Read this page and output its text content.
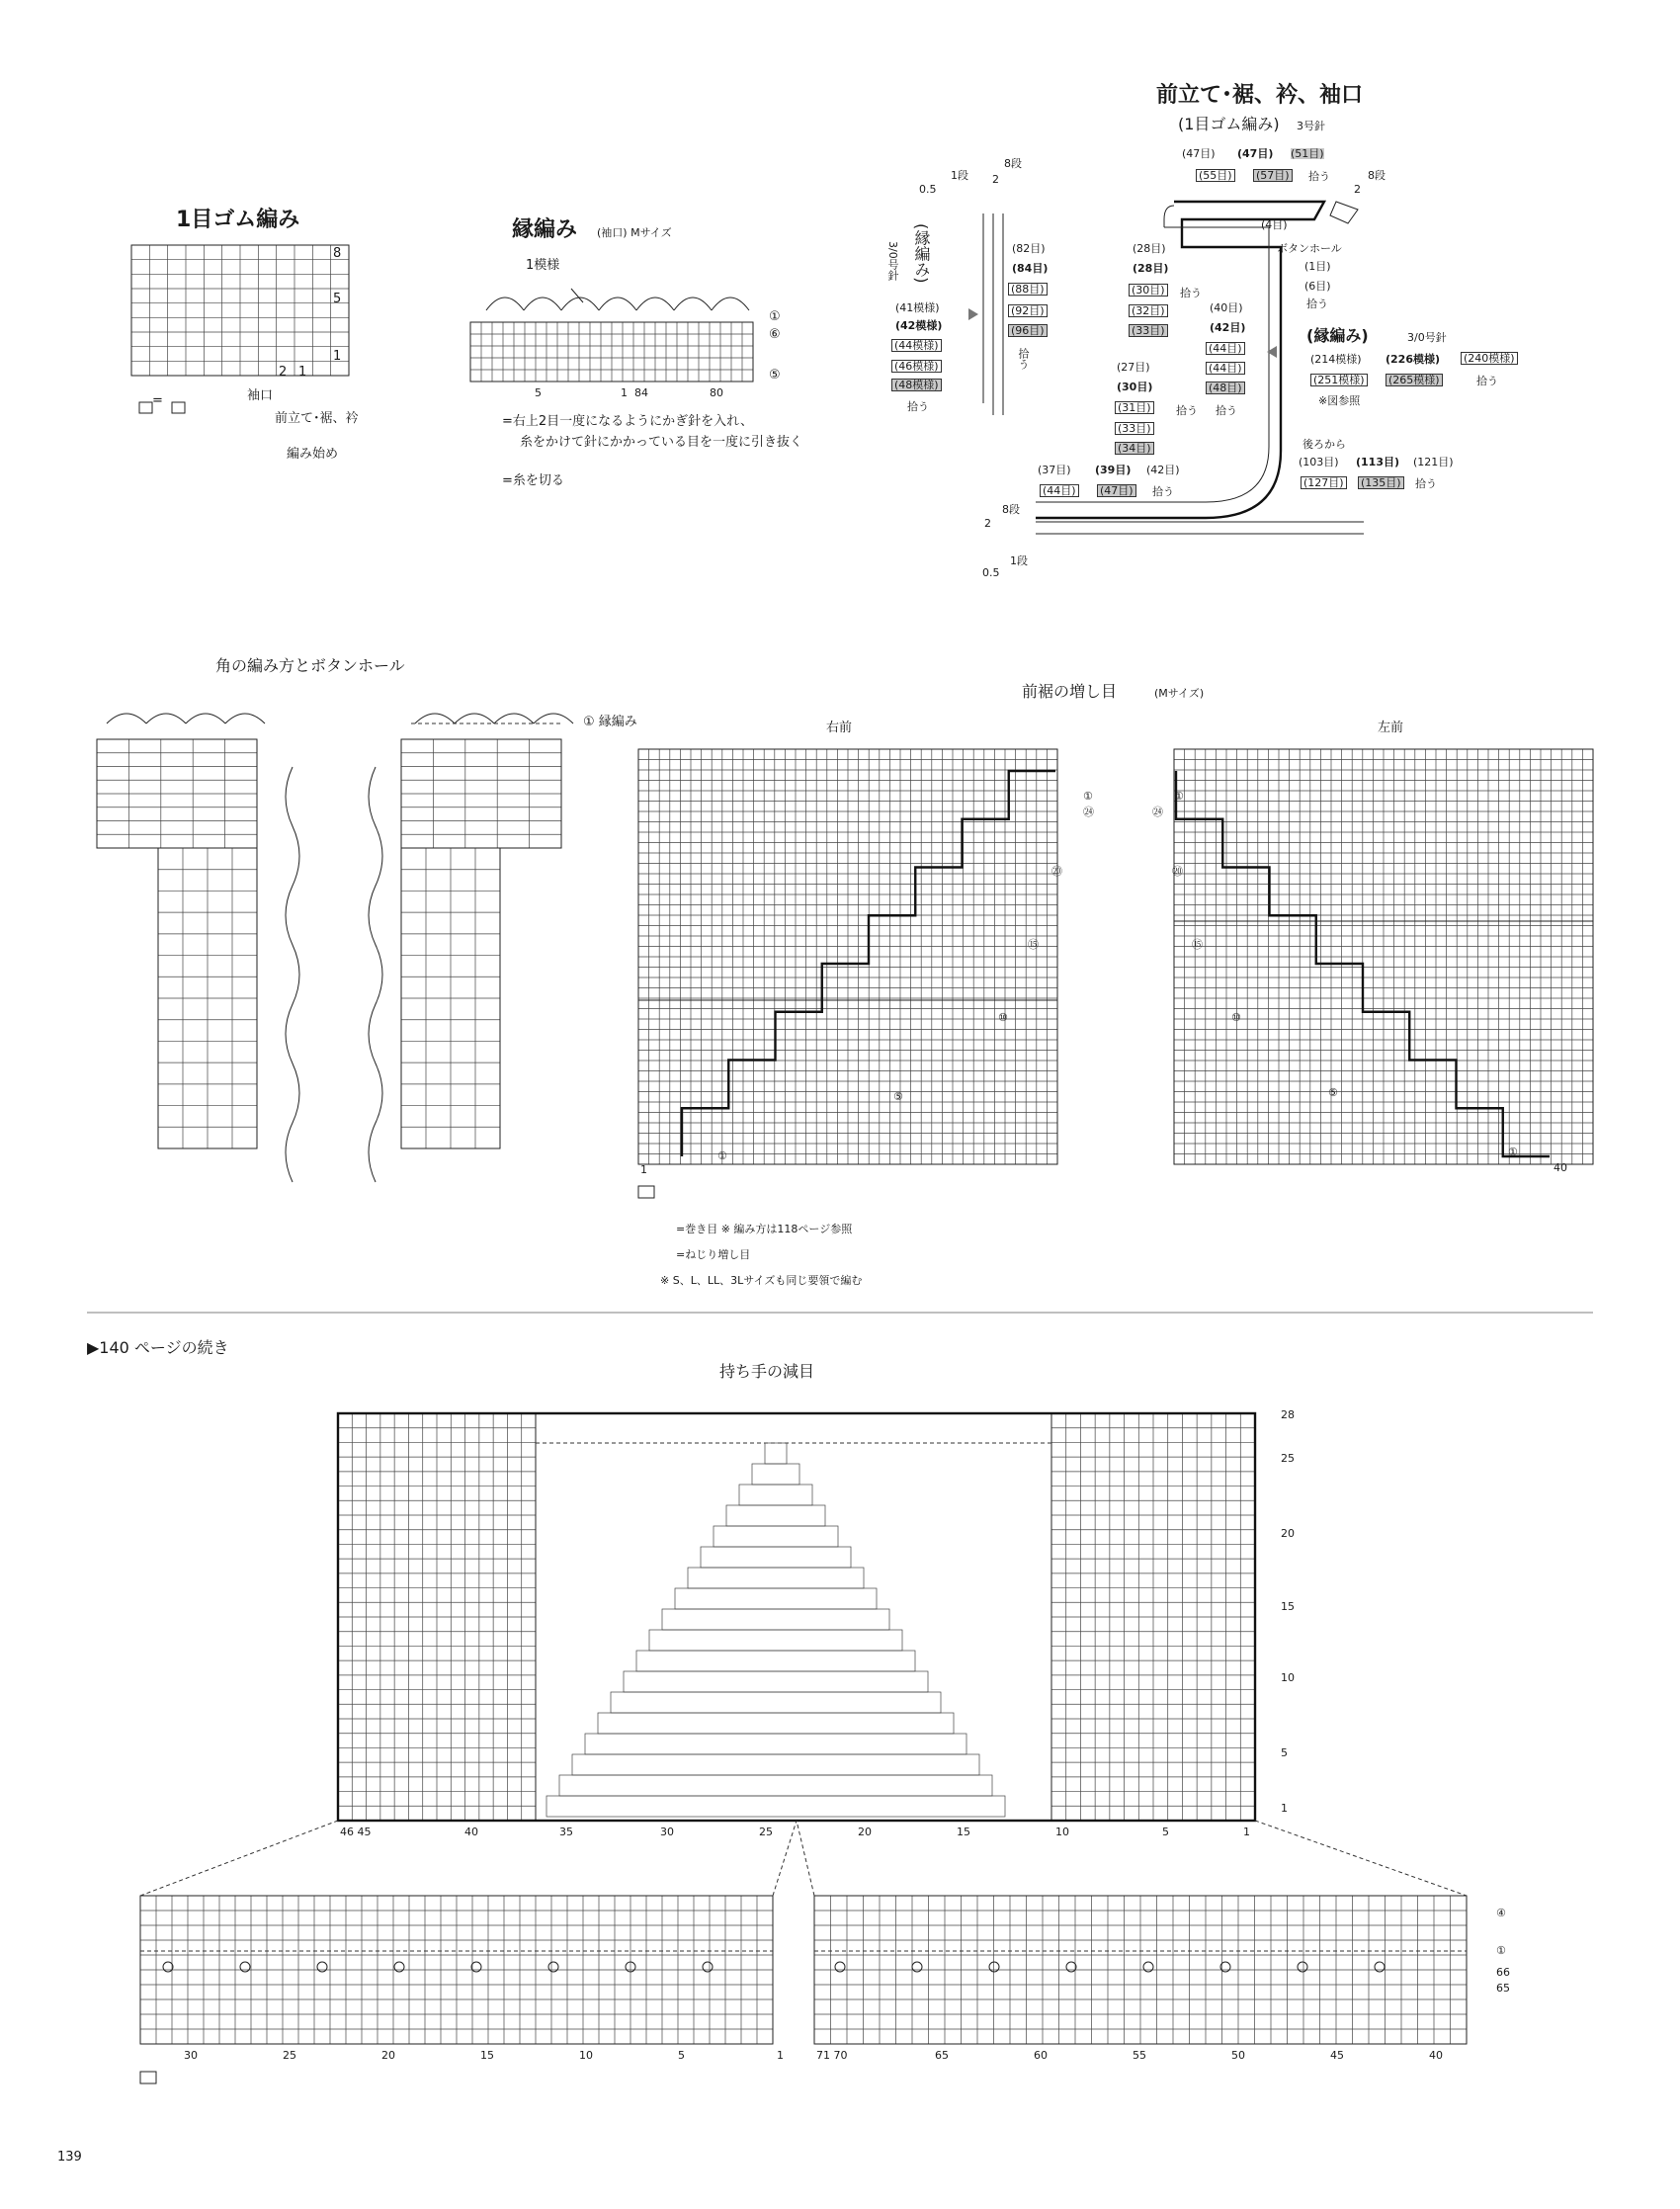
1目ゴム編み
8
5
1
2 1
袖口
前立て･裾、衿
編み始め
=
縁編み (袖口) Mサイズ
1模様
①
⑥
⑤
5	1 84	80
=右上2目一度になるようにかぎ針を入れ、
糸をかけて針にかかっている目を一度に引き抜く
=糸を切る
前立て･裾、衿、袖口
(1目ゴム編み) 3号針
(47目) (47目) (51目)
(55目) (57目) 拾う	8段
2
(4目)
0.5
1段 2
8段
(縁編み)
3/0号針
(41模様)
(42模様)
(44模様)
(46模様)
(48模様)
拾う
(82目)
(84目)
(88目)
(92目)
(96目)
拾う
(28目)
(28目)
(30目) 拾う
(32目)
(33目)
(40目)
(42目)
(44目)
(44目)
(48目)
拾う
(27目)
(30目)
(31目) 拾う
(33目)
(34目)
ボタンホール
(1目)
(6目)
拾う
(縁編み)	3/0号針
(214模様) (226模様) (240模様)
(251模様) (265模様)	拾う
※図参照
後ろから
(103目) (113目) (121目)
(127目) (135目) 拾う
(37目) (39目) (42目)
(44目) (47目) 拾う
8段
2
0.5
1段
角の編み方とボタンホール
① 縁編み
前裾の増し目	(Mサイズ)
右前	左前
①
㉔
⑳
⑮
⑩
⑤
①
1
①
㉔
⑳
⑮
⑩
⑤
①
40
=巻き目 ※ 編み方は118ページ参照
=ねじり増し目
※ S、L、LL、3Lサイズも同じ要領で編む
▶140 ページの続き
持ち手の減目
28
25
20
15
10
5
1
46 45	40	35	30	25	20	15	10	5	1
④
①
66
65
30	25	20	15	10	5	1	71 70	65	60	55	50	45	40
139
